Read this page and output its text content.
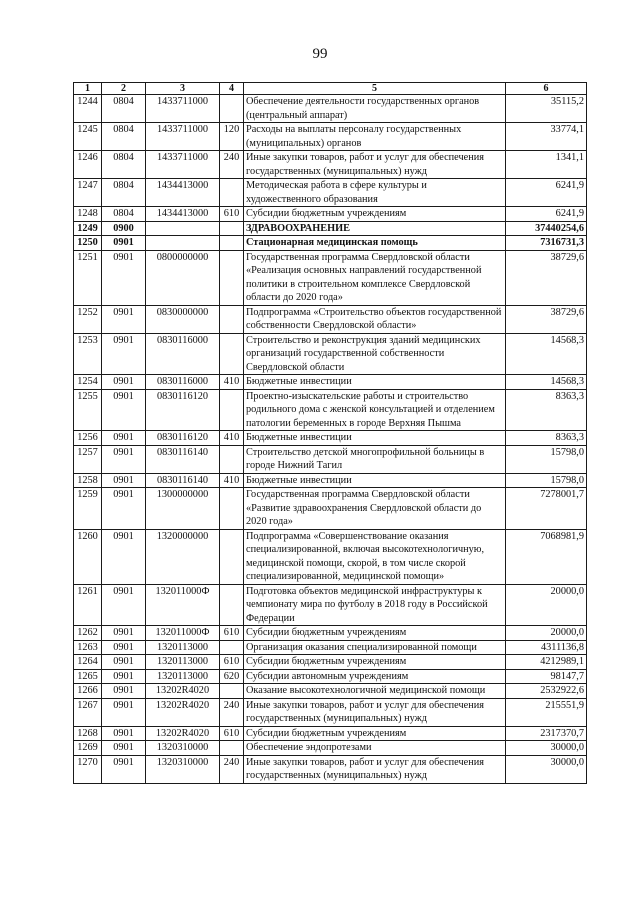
99
1	2	3	4	5	6
1244	0804	1433711000		Обеспечение деятельности государственных органов (центральный аппарат)	35115,2
1245	0804	1433711000	120	Расходы на выплаты персоналу государственных (муниципальных) органов	33774,1
1246	0804	1433711000	240	Иные закупки товаров, работ и услуг для обеспечения государственных (муниципальных) нужд	1341,1
1247	0804	1434413000		Методическая работа в сфере культуры и художественного образования	6241,9
1248	0804	1434413000	610	Субсидии бюджетным учреждениям	6241,9
1249	0900			ЗДРАВООХРАНЕНИЕ	37440254,6
1250	0901			Стационарная медицинская помощь	7316731,3
1251	0901	0800000000		Государственная программа Свердловской области «Реализация основных направлений государственной политики в строительном комплексе Свердловской области до 2020 года»	38729,6
1252	0901	0830000000		Подпрограмма «Строительство объектов государственной собственности Свердловской области»	38729,6
1253	0901	0830116000		Строительство и реконструкция зданий медицинских организаций государственной собственности Свердловской области	14568,3
1254	0901	0830116000	410	Бюджетные инвестиции	14568,3
1255	0901	0830116120		Проектно-изыскательские работы и строительство родильного дома с женской консультацией и отделением патологии беременных в городе Верхняя Пышма	8363,3
1256	0901	0830116120	410	Бюджетные инвестиции	8363,3
1257	0901	0830116140		Строительство детской многопрофильной больницы в городе Нижний Тагил	15798,0
1258	0901	0830116140	410	Бюджетные инвестиции	15798,0
1259	0901	1300000000		Государственная программа Свердловской области «Развитие здравоохранения Свердловской области до 2020 года»	7278001,7
1260	0901	1320000000		Подпрограмма «Совершенствование оказания специализированной, включая высокотехнологичную, медицинской помощи, скорой, в том числе скорой специализированной, медицинской помощи»	7068981,9
1261	0901	132011000Ф		Подготовка объектов медицинской инфраструктуры к чемпионату мира по футболу в 2018 году в Российской Федерации	20000,0
1262	0901	132011000Ф	610	Субсидии бюджетным учреждениям	20000,0
1263	0901	1320113000		Организация оказания специализированной помощи	4311136,8
1264	0901	1320113000	610	Субсидии бюджетным учреждениям	4212989,1
1265	0901	1320113000	620	Субсидии автономным учреждениям	98147,7
1266	0901	13202R4020		Оказание высокотехнологичной медицинской помощи	2532922,6
1267	0901	13202R4020	240	Иные закупки товаров, работ и услуг для обеспечения государственных (муниципальных) нужд	215551,9
1268	0901	13202R4020	610	Субсидии бюджетным учреждениям	2317370,7
1269	0901	1320310000		Обеспечение эндопротезами	30000,0
1270	0901	1320310000	240	Иные закупки товаров, работ и услуг для обеспечения государственных (муниципальных) нужд	30000,0
